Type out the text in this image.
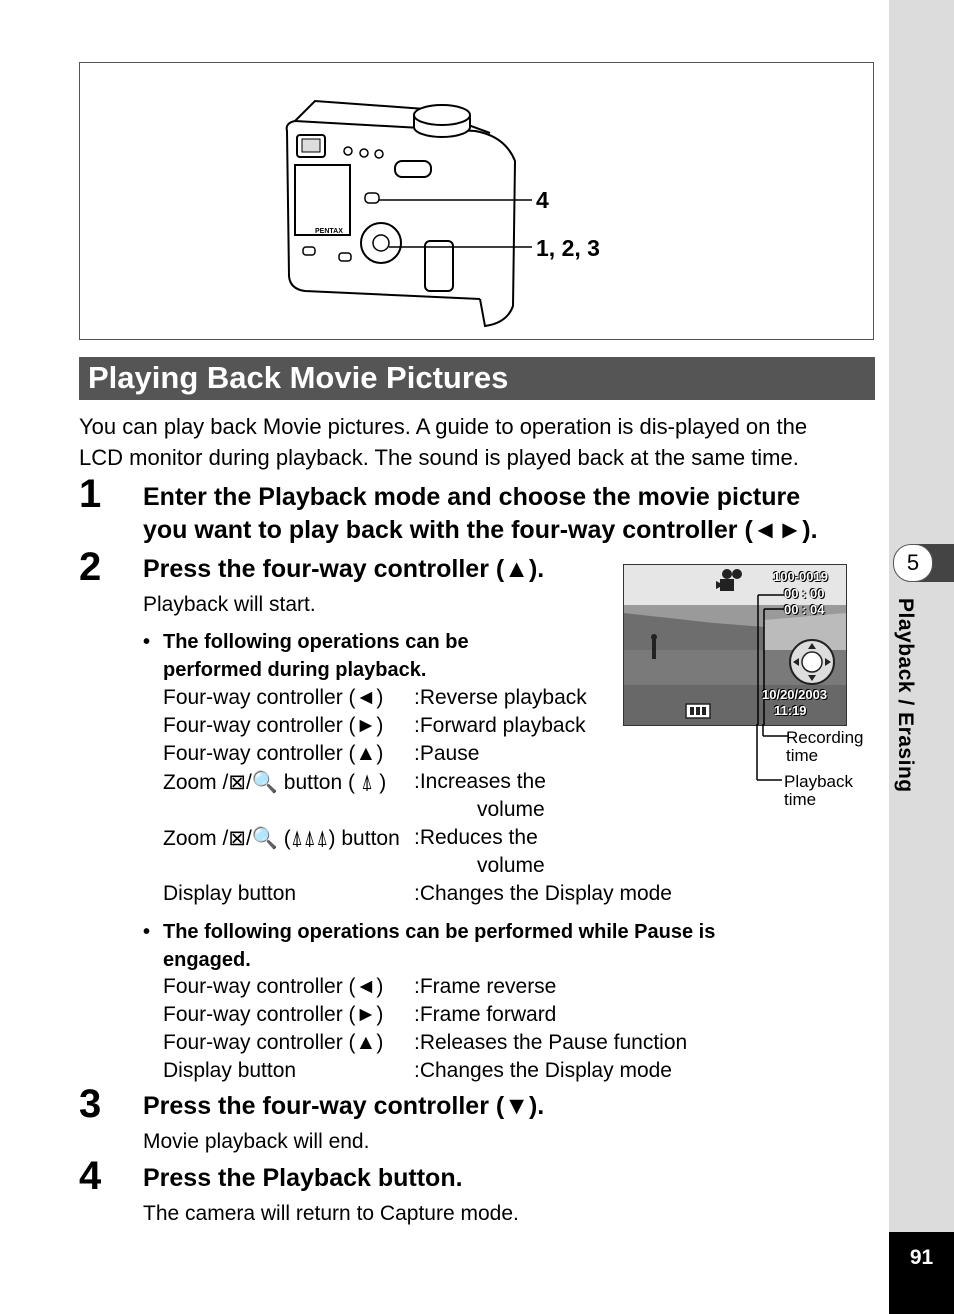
5
Playback / Erasing
91
PENTAX
4
1, 2, 3
Playing Back Movie Pictures
You can play back Movie pictures. A guide to operation is dis-played on the
LCD monitor during playback. The sound is played back at the same time.
1 Enter the Playback mode and choose the movie picture
you want to play back with the four-way controller (◄►).
2 Press the four-way controller (▲).
Playback will start.
• The following operations can be
performed during playback.
Four-way controller (◄) :Reverse playback
Four-way controller (►) :Forward playback
Four-way controller (▲) :Pause
Zoom /⊠/🔍 button ( ⍋ ) :Increases the
volume
Zoom /⊠/🔍 (⍋⍋⍋) button :Reduces the
volume
Display button	:Changes the Display mode
• The following operations can be performed while Pause is
engaged.
Four-way controller (◄) :Frame reverse
Four-way controller (►) :Frame forward
Four-way controller (▲) :Releases the Pause function
Display button	:Changes the Display mode
3 Press the four-way controller (▼).
Movie playback will end.
4 Press the Playback button.
The camera will return to Capture mode.
100-0019
00 : 00
00 : 04
10/20/2003
11:19
Recording
time
Playback
time
